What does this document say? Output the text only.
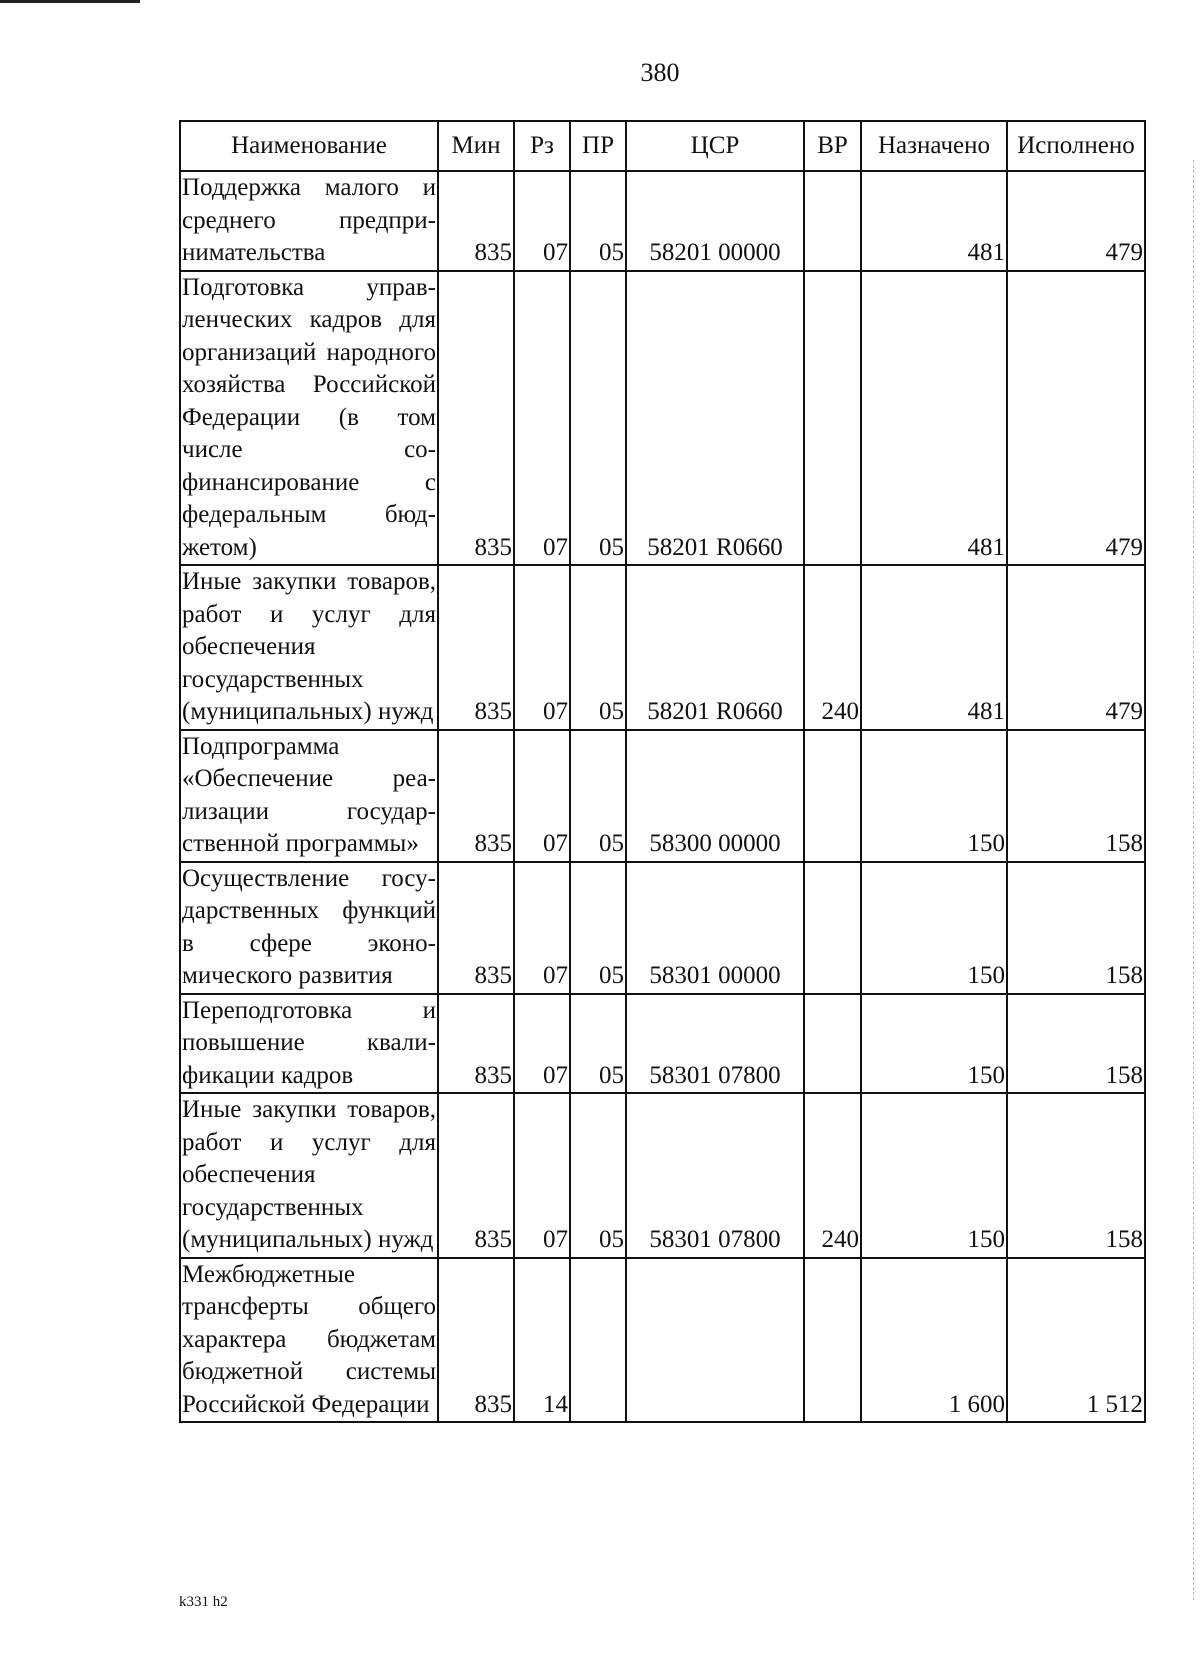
380
Наименование	Мин	Рз	ПР	ЦСР	ВР	Назначено	Исполнено
Поддержка малого и среднего предпринимательства	835	07	05	58201 00000		481	479
Подготовка управленческих кадров для организаций народного хозяйства Российской Федерации (в том числе софинансирование с федеральным бюджетом)	835	07	05	58201 R0660		481	479
Иные закупки товаров, работ и услуг для обеспечения государственных (муниципальных) нужд	835	07	05	58201 R0660	240	481	479
Подпрограмма «Обеспечение реализации государственной программы»	835	07	05	58300 00000		150	158
Осуществление государственных функций в сфере экономического развития	835	07	05	58301 00000		150	158
Переподготовка и повышение квалификации кадров	835	07	05	58301 07800		150	158
Иные закупки товаров, работ и услуг для обеспечения государственных (муниципальных) нужд	835	07	05	58301 07800	240	150	158
Межбюджетные трансферты общего характера бюджетам бюджетной системы Российской Федерации	835	14				1 600	1 512
k331 h2
